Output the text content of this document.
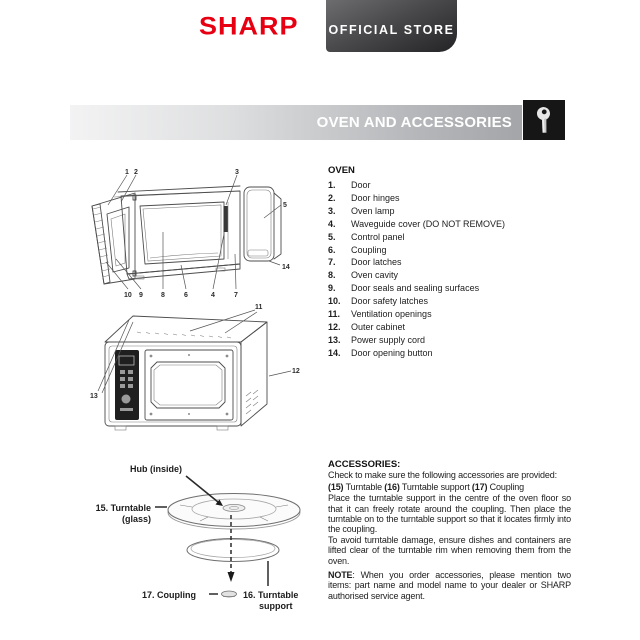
SHARP	OFFICIAL STORE
OVEN AND ACCESSORIES
1 2	3
5
14
10 9	8	6	4	7
11
12
13
Hub (inside)
15. Turntable
(glass)
17. Coupling	16. Turntable
support
OVEN
1.	Door
2.	Door hinges
3.	Oven lamp
4.	Waveguide cover (DO NOT REMOVE)
5.	Control panel
6.	Coupling
7.	Door latches
8.	Oven cavity
9.	Door seals and sealing surfaces
10.	Door safety latches
11.	Ventilation openings
12.	Outer cabinet
13.	Power supply cord
14.	Door opening button
ACCESSORIES:

Check to make sure the following accessories are provided:

(15) Turntable (16) Turntable support (17) Coupling

Place the turntable support in the centre of the oven floor so that it can freely rotate around the coupling. Then place the turntable on to the turntable support so that it locates firmly into the coupling.

To avoid turntable damage, ensure dishes and containers are lifted clear of the turntable rim when removing them from the oven.

NOTE: When you order accessories, please mention two items: part name and model name to your dealer or SHARP authorised service agent.
